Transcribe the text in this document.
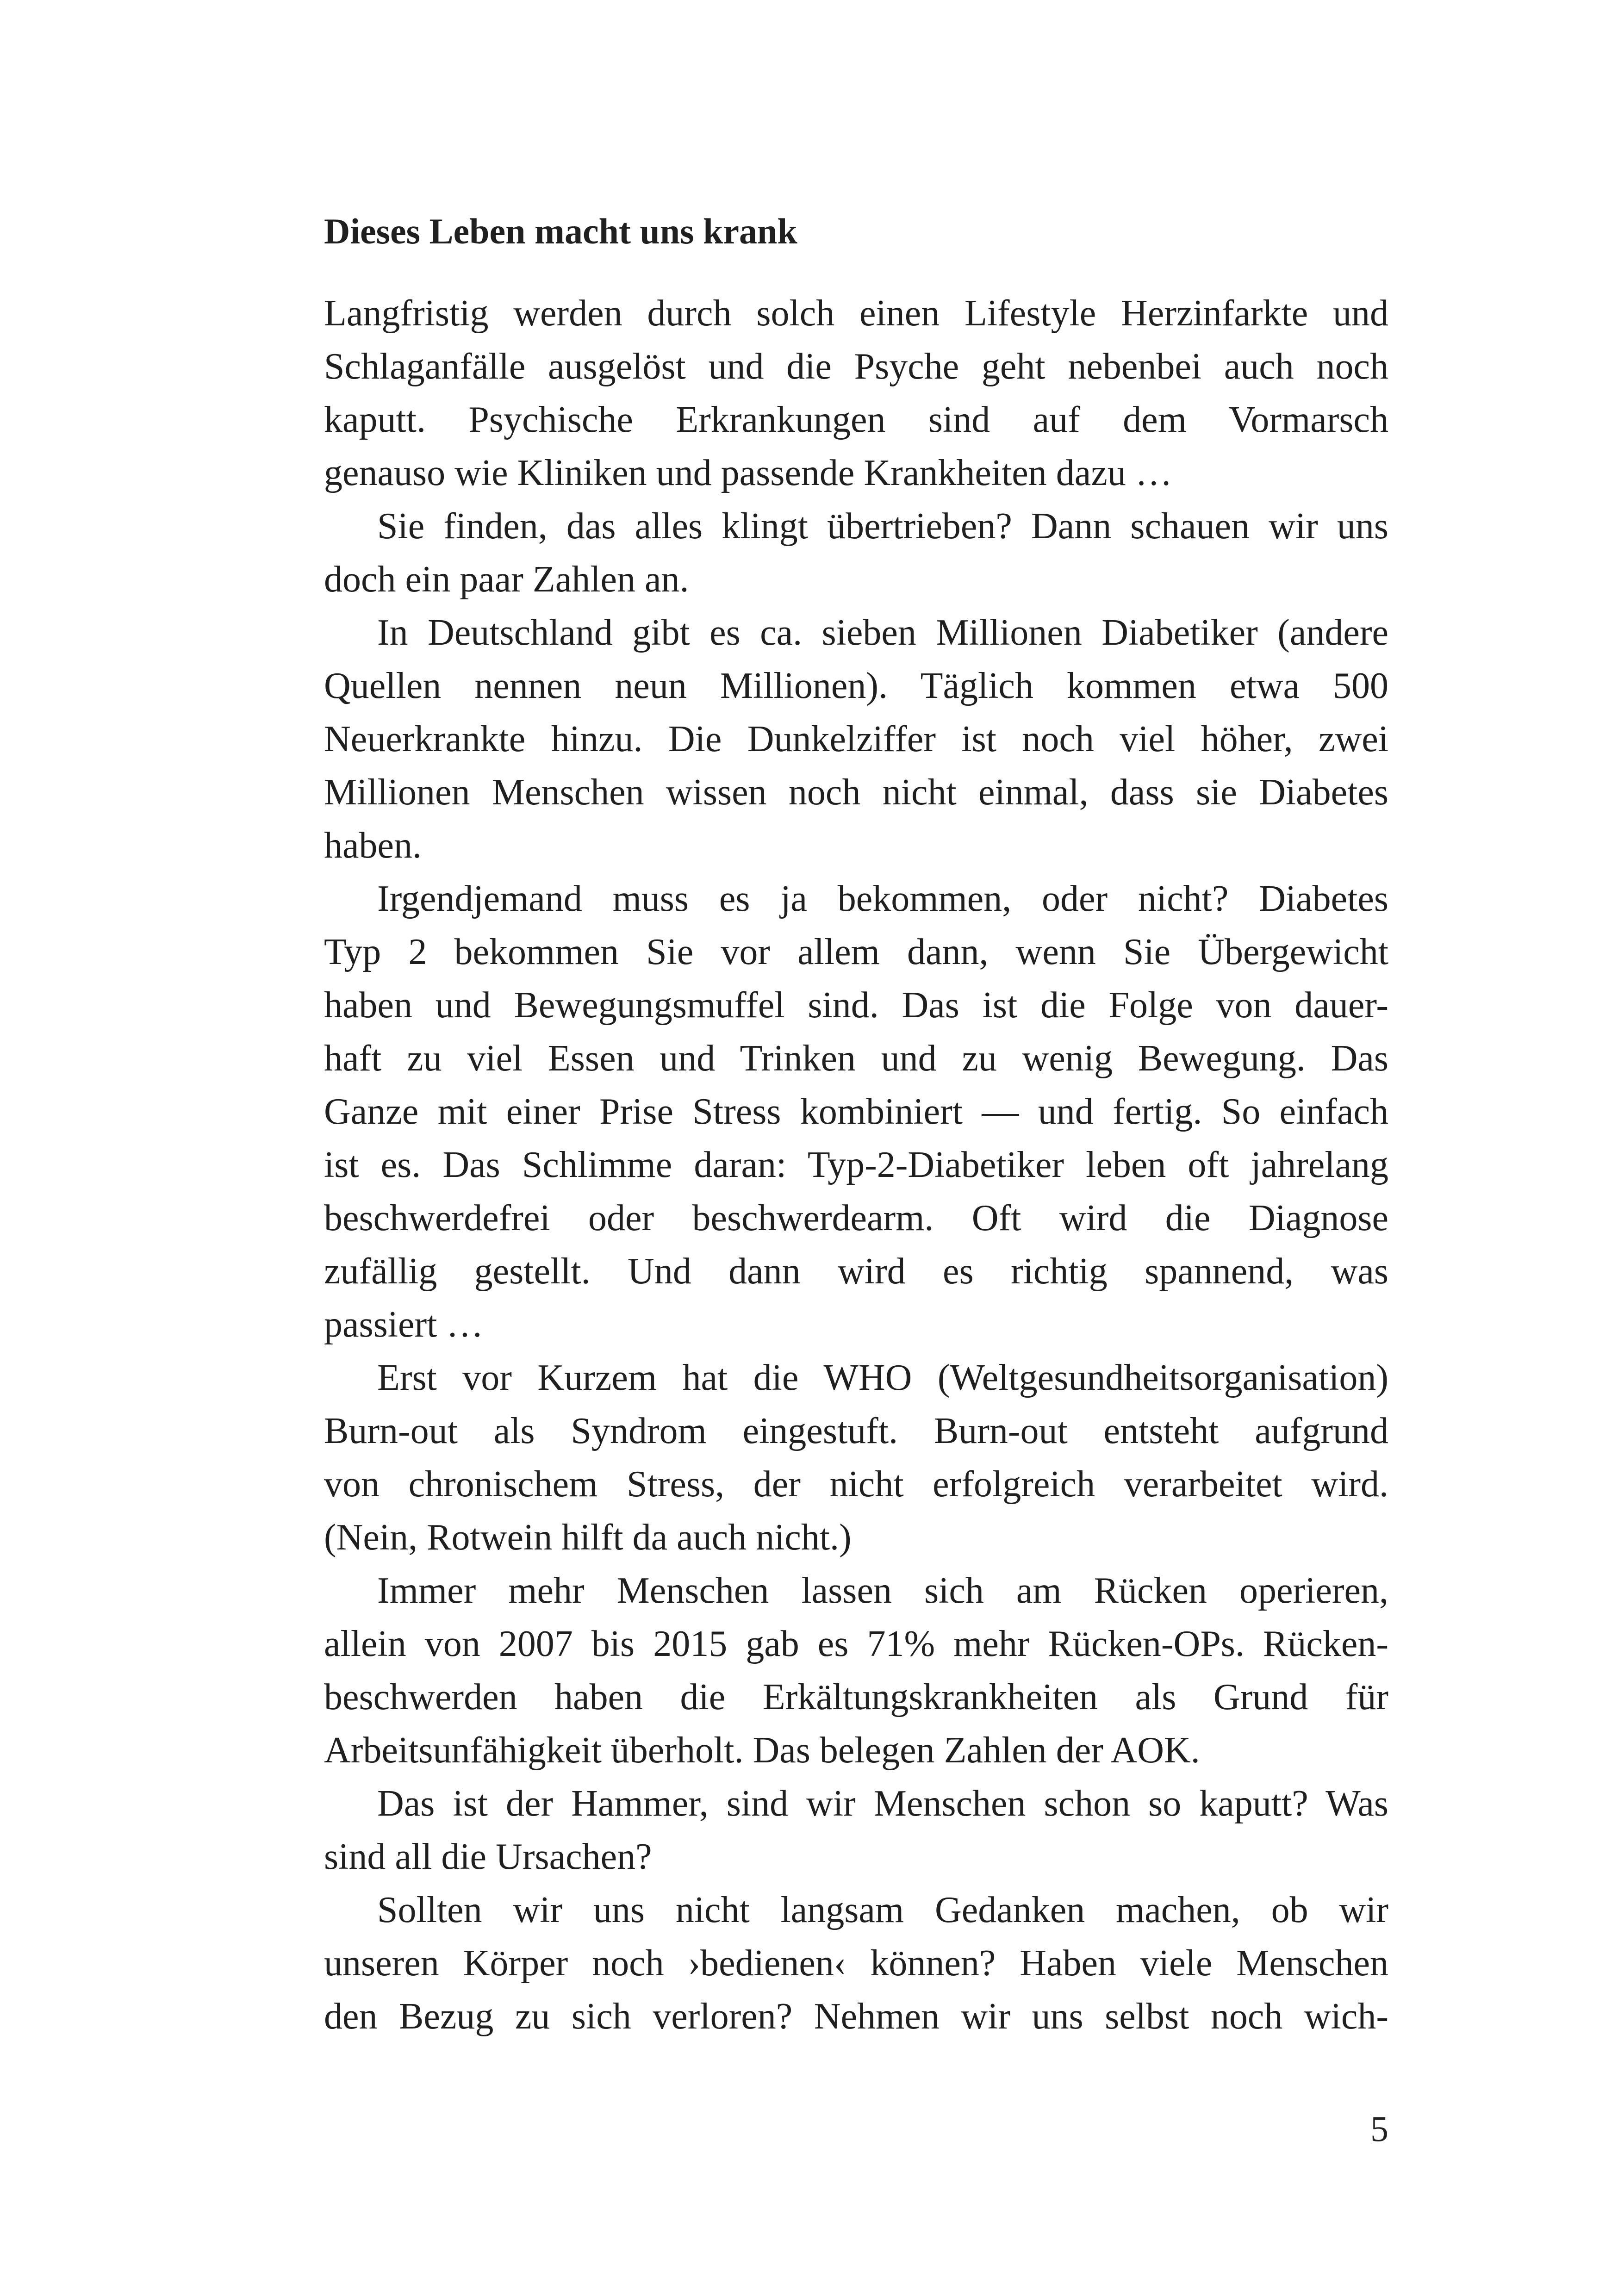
Dieses Leben macht uns krank
Langfristig werden durch solch einen Lifestyle Herzinfarkte und
Schlaganfälle ausgelöst und die Psyche geht nebenbei auch noch
kaputt. Psychische Erkrankungen sind auf dem Vormarsch
genauso wie Kliniken und passende Krankheiten dazu …
Sie finden, das alles klingt übertrieben? Dann schauen wir uns
doch ein paar Zahlen an.
In Deutschland gibt es ca. sieben Millionen Diabetiker (andere
Quellen nennen neun Millionen). Täglich kommen etwa 500
Neuerkrankte hinzu. Die Dunkelziffer ist noch viel höher, zwei
Millionen Menschen wissen noch nicht einmal, dass sie Diabetes
haben.
Irgendjemand muss es ja bekommen, oder nicht? Diabetes
Typ 2 bekommen Sie vor allem dann, wenn Sie Übergewicht
haben und Bewegungsmuffel sind. Das ist die Folge von dauer-
haft zu viel Essen und Trinken und zu wenig Bewegung. Das
Ganze mit einer Prise Stress kombiniert — und fertig. So einfach
ist es. Das Schlimme daran: Typ-2-Diabetiker leben oft jahrelang
beschwerdefrei oder beschwerdearm. Oft wird die Diagnose
zufällig gestellt. Und dann wird es richtig spannend, was
passiert …
Erst vor Kurzem hat die WHO (Weltgesundheitsorganisation)
Burn-out als Syndrom eingestuft. Burn-out entsteht aufgrund
von chronischem Stress, der nicht erfolgreich verarbeitet wird.
(Nein, Rotwein hilft da auch nicht.)
Immer mehr Menschen lassen sich am Rücken operieren,
allein von 2007 bis 2015 gab es 71% mehr Rücken-OPs. Rücken-
beschwerden haben die Erkältungskrankheiten als Grund für
Arbeitsunfähigkeit überholt. Das belegen Zahlen der AOK.
Das ist der Hammer, sind wir Menschen schon so kaputt? Was
sind all die Ursachen?
Sollten wir uns nicht langsam Gedanken machen, ob wir
unseren Körper noch ›bedienen‹ können? Haben viele Menschen
den Bezug zu sich verloren? Nehmen wir uns selbst noch wich-
5
